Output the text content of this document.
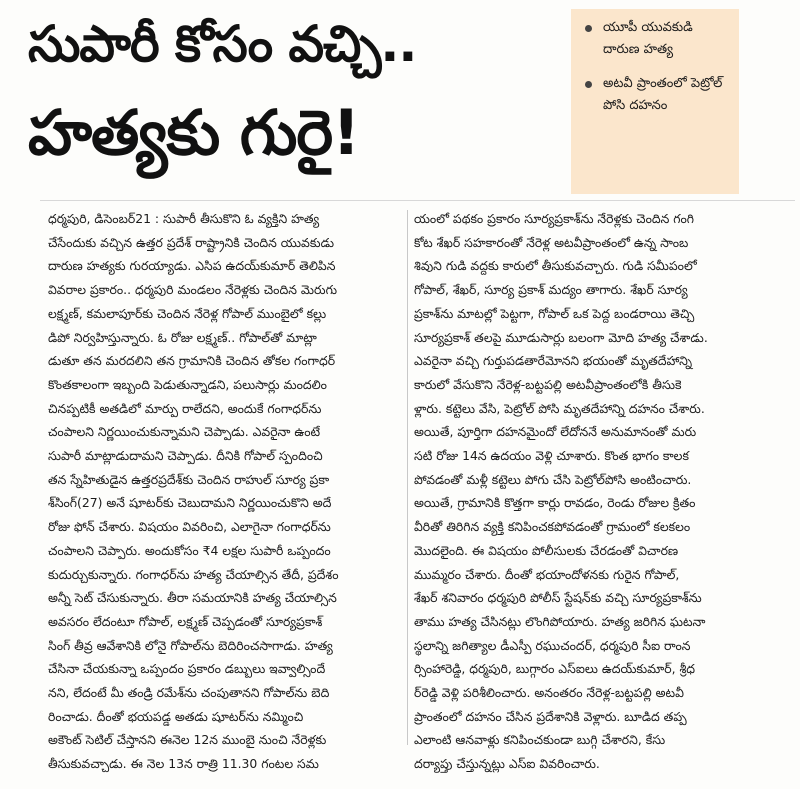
సుపారీ కోసం వచ్చి..
హత్యకు గురై!
యూపీ యువకుడి దారుణ హత్య
అటవీ ప్రాంతంలో పెట్రోల్ పోసి దహనం

ధర్మపురి, డిసెంబర్21 : సుపారీ తీసుకొని ఓ వ్యక్తిని హత్య

చేసేందుకు వచ్చిన ఉత్తర ప్రదేశ్ రాష్ట్రానికి చెందిన యువకుడు

దారుణ హత్యకు గురయ్యాడు. ఎసిప ఉదయ్‌కుమార్ తెలిపిన

వివరాల ప్రకారం.. ధర్మపురి మండలం నేరెళ్లకు చెందిన మెరుగు

లక్ష్మణ్, కమలాపూర్‌కు చెందిన నేరెళ్ల గోపాల్ ముంబైలో కల్లు

డిపో నిర్వహిస్తున్నారు. ఓ రోజు లక్ష్మణ్.. గోపాల్‌తో మాట్లా

డుతూ తన మరదలిని తన గ్రామానికి చెందిన తోకల గంగాధర్

కొంతకాలంగా ఇబ్బంది పెడుతున్నాడని, పలుసార్లు మందలిం

చినప్పటికీ అతడిలో మార్పు రాలేదని, అందుకే గంగాధర్‌ను

చంపాలని నిర్ణయించుకున్నామని చెప్పాడు. ఎవరైనా ఉంటే

సుపారీ మాట్లాడుదామని చెప్పాడు. దీనికి గోపాల్ స్పందించి

తన స్నేహితుడైన ఉత్తరప్రదేశ్‌కు చెందిన రాహుల్ సూర్య ప్రకా

శ్‌సింగ్(27) అనే షూటర్‌కు చెబుదామని నిర్ణయించుకొని అదే

రోజు ఫోన్ చేశారు. విషయం వివరించి, ఎలాగైనా గంగాధర్‌ను

చంపాలని చెప్పారు. అందుకోసం ₹4 లక్షల సుపారీ ఒప్పందం

కుదుర్చుకున్నారు. గంగాధర్‌ను హత్య చేయాల్సిన తేదీ, ప్రదేశం

అన్నీ సెట్ చేసుకున్నారు. తీరా సమయానికి హత్య చేయాల్సిన

అవసరం లేదంటూ గోపాల్, లక్ష్మణ్ చెప్పడంతో సూర్యప్రకాశ్

సింగ్ తీవ్ర ఆవేశానికి లోనై గోపాల్‌ను బెదిరించసాగాడు. హత్య

చేసినా చేయకున్నా ఒప్పందం ప్రకారం డబ్బులు ఇవ్వాల్సిందే

నని, లేదంటే మీ తండ్రి రమేశ్‌ను చంపుతానని గోపాల్‌ను బెది

రించాడు. దీంతో భయపడ్డ అతడు షూటర్‌ను నమ్మించి

అకౌంట్ సెటిల్ చేస్తానని ఈనెల 12న ముంబై నుంచి నేరెళ్లకు

తీసుకువచ్చాడు. ఈ నెల 13న రాత్రి 11.30 గంటల సమ

యంలో పథకం ప్రకారం సూర్యప్రకాశ్‌ను నేరెళ్లకు చెందిన గంగి

కోట శేఖర్ సహకారంతో నేరెళ్ల అటవీప్రాంతంలో ఉన్న సాంబ

శివుని గుడి వద్దకు కారులో తీసుకువచ్చారు. గుడి సమీపంలో

గోపాల్, శేఖర్, సూర్య ప్రకాశ్ మద్యం తాగారు. శేఖర్ సూర్య

ప్రకాశ్‌ను మాటల్లో పెట్టగా, గోపాల్ ఒక పెద్ద బండరాయి తెచ్చి

సూర్యప్రకాశ్ తలపై మూడుసార్లు బలంగా మోది హత్య చేశాడు.

ఎవరైనా వచ్చి గుర్తుపడతారేమోనని భయంతో మృతదేహాన్ని

కారులో వేసుకొని నేరెళ్ల-బట్టపల్లి అటవీప్రాంతంలోకి తీసుకె

ళ్లారు. కట్టెలు వేసి, పెట్రోల్ పోసి మృతదేహాన్ని దహనం చేశారు.

అయితే, పూర్తిగా దహనమైందో లేదోననే అనుమానంతో మరు

సటి రోజు 14న ఉదయం వెళ్లి చూశారు. కొంత భాగం కాలక

పోవడంతో మళ్లీ కట్టెలు పోగు చేసి పెట్రోల్‌పోసి అంటించారు.

అయితే, గ్రామానికి కొత్తగా కార్లు రావడం, రెండు రోజుల క్రితం

వీరితో తిరిగిన వ్యక్తి కనిపించకపోవడంతో గ్రామంలో కలకలం

మొదలైంది. ఈ విషయం పోలీసులకు చేరడంతో విచారణ

ముమ్మరం చేశారు. దీంతో భయాందోళనకు గురైన గోపాల్,

శేఖర్ శనివారం ధర్మపురి పోలీస్ స్టేషన్‌కు వచ్చి సూర్యప్రకాశ్‌ను

తాము హత్య చేసినట్లు లొంగిపోయారు. హత్య జరిగిన ఘటనా

స్థలాన్ని జగిత్యాల డీఎస్పీ రఘుచందర్, ధర్మపురి సీఐ రాంన

ర్సింహారెడ్డి, ధర్మపురి, బుగ్గారం ఎస్‌ఐలు ఉదయ్‌కుమార్, శ్రీధ

ర్‌రెడ్డి వెళ్లి పరిశీలించారు. అనంతరం నేరెళ్ల-బట్టపల్లి అటవీ

ప్రాంతంలో దహనం చేసిన ప్రదేశానికి వెళ్లారు. బూడిద తప్ప

ఎలాంటి ఆనవాళ్లు కనిపించకుండా బుగ్గి చేశారని, కేసు

దర్యాప్తు చేస్తున్నట్లు ఎస్ఐ వివరించారు.
